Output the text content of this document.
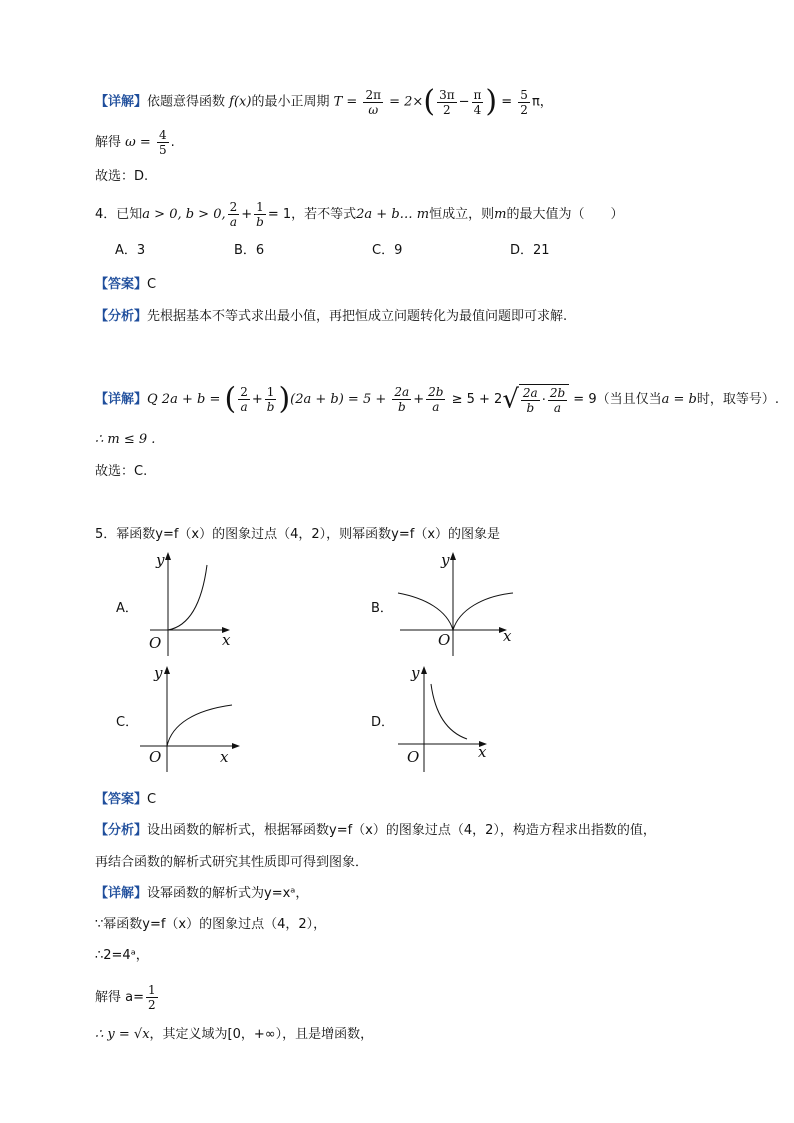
【详解】依题意得函数 f(x)的最小正周期 $T = \frac{2\pi}{\omega} = 2\times( \frac{3\pi}{2} - \frac{\pi}{4}$ ) = $\frac{5}{2}$ π，
解得 $\omega = \frac{4}{5}$ .
故选：D.
4．已知a > 0, b > 0, $\frac{2}{a} + \frac{1}{b} = 1$，若不等式2a + b… m恒成立，则m的最大值为（　　）
A．3	B．6	C．9	D．21
【答案】C
【分析】先根据基本不等式求出最小值，再把恒成立问题转化为最值问题即可求解.
【详解】Q 2a + b = ( $\frac{2}{a} + \frac{1}{b} )(2a + b) = 5 + \frac{2a}{b} + \frac{2b}{a} \ge 5 + 2√ \frac{2a}{b} \cdot \frac{2b}{a} = 9$（当且仅当a = b时，取等号）.
∴ m ≤ 9 .
故选：C.
5．幂函数y=f（x）的图象过点（4，2），则幂函数y=f（x）的图象是
A．
y
x
O
B．
y
x
O
C．
y
x
O
D．
y
x
O
【答案】C
【分析】设出函数的解析式，根据幂函数y=f（x）的图象过点（4，2），构造方程求出指数的值，
再结合函数的解析式研究其性质即可得到图象．
【详解】设幂函数的解析式为y=xᵃ，
∵幂函数y=f（x）的图象过点（4，2），
∴2=4ᵃ，
解得 $a= \frac{1}{2}$
∴ y = √x，其定义域为[0，+∞），且是增函数，
